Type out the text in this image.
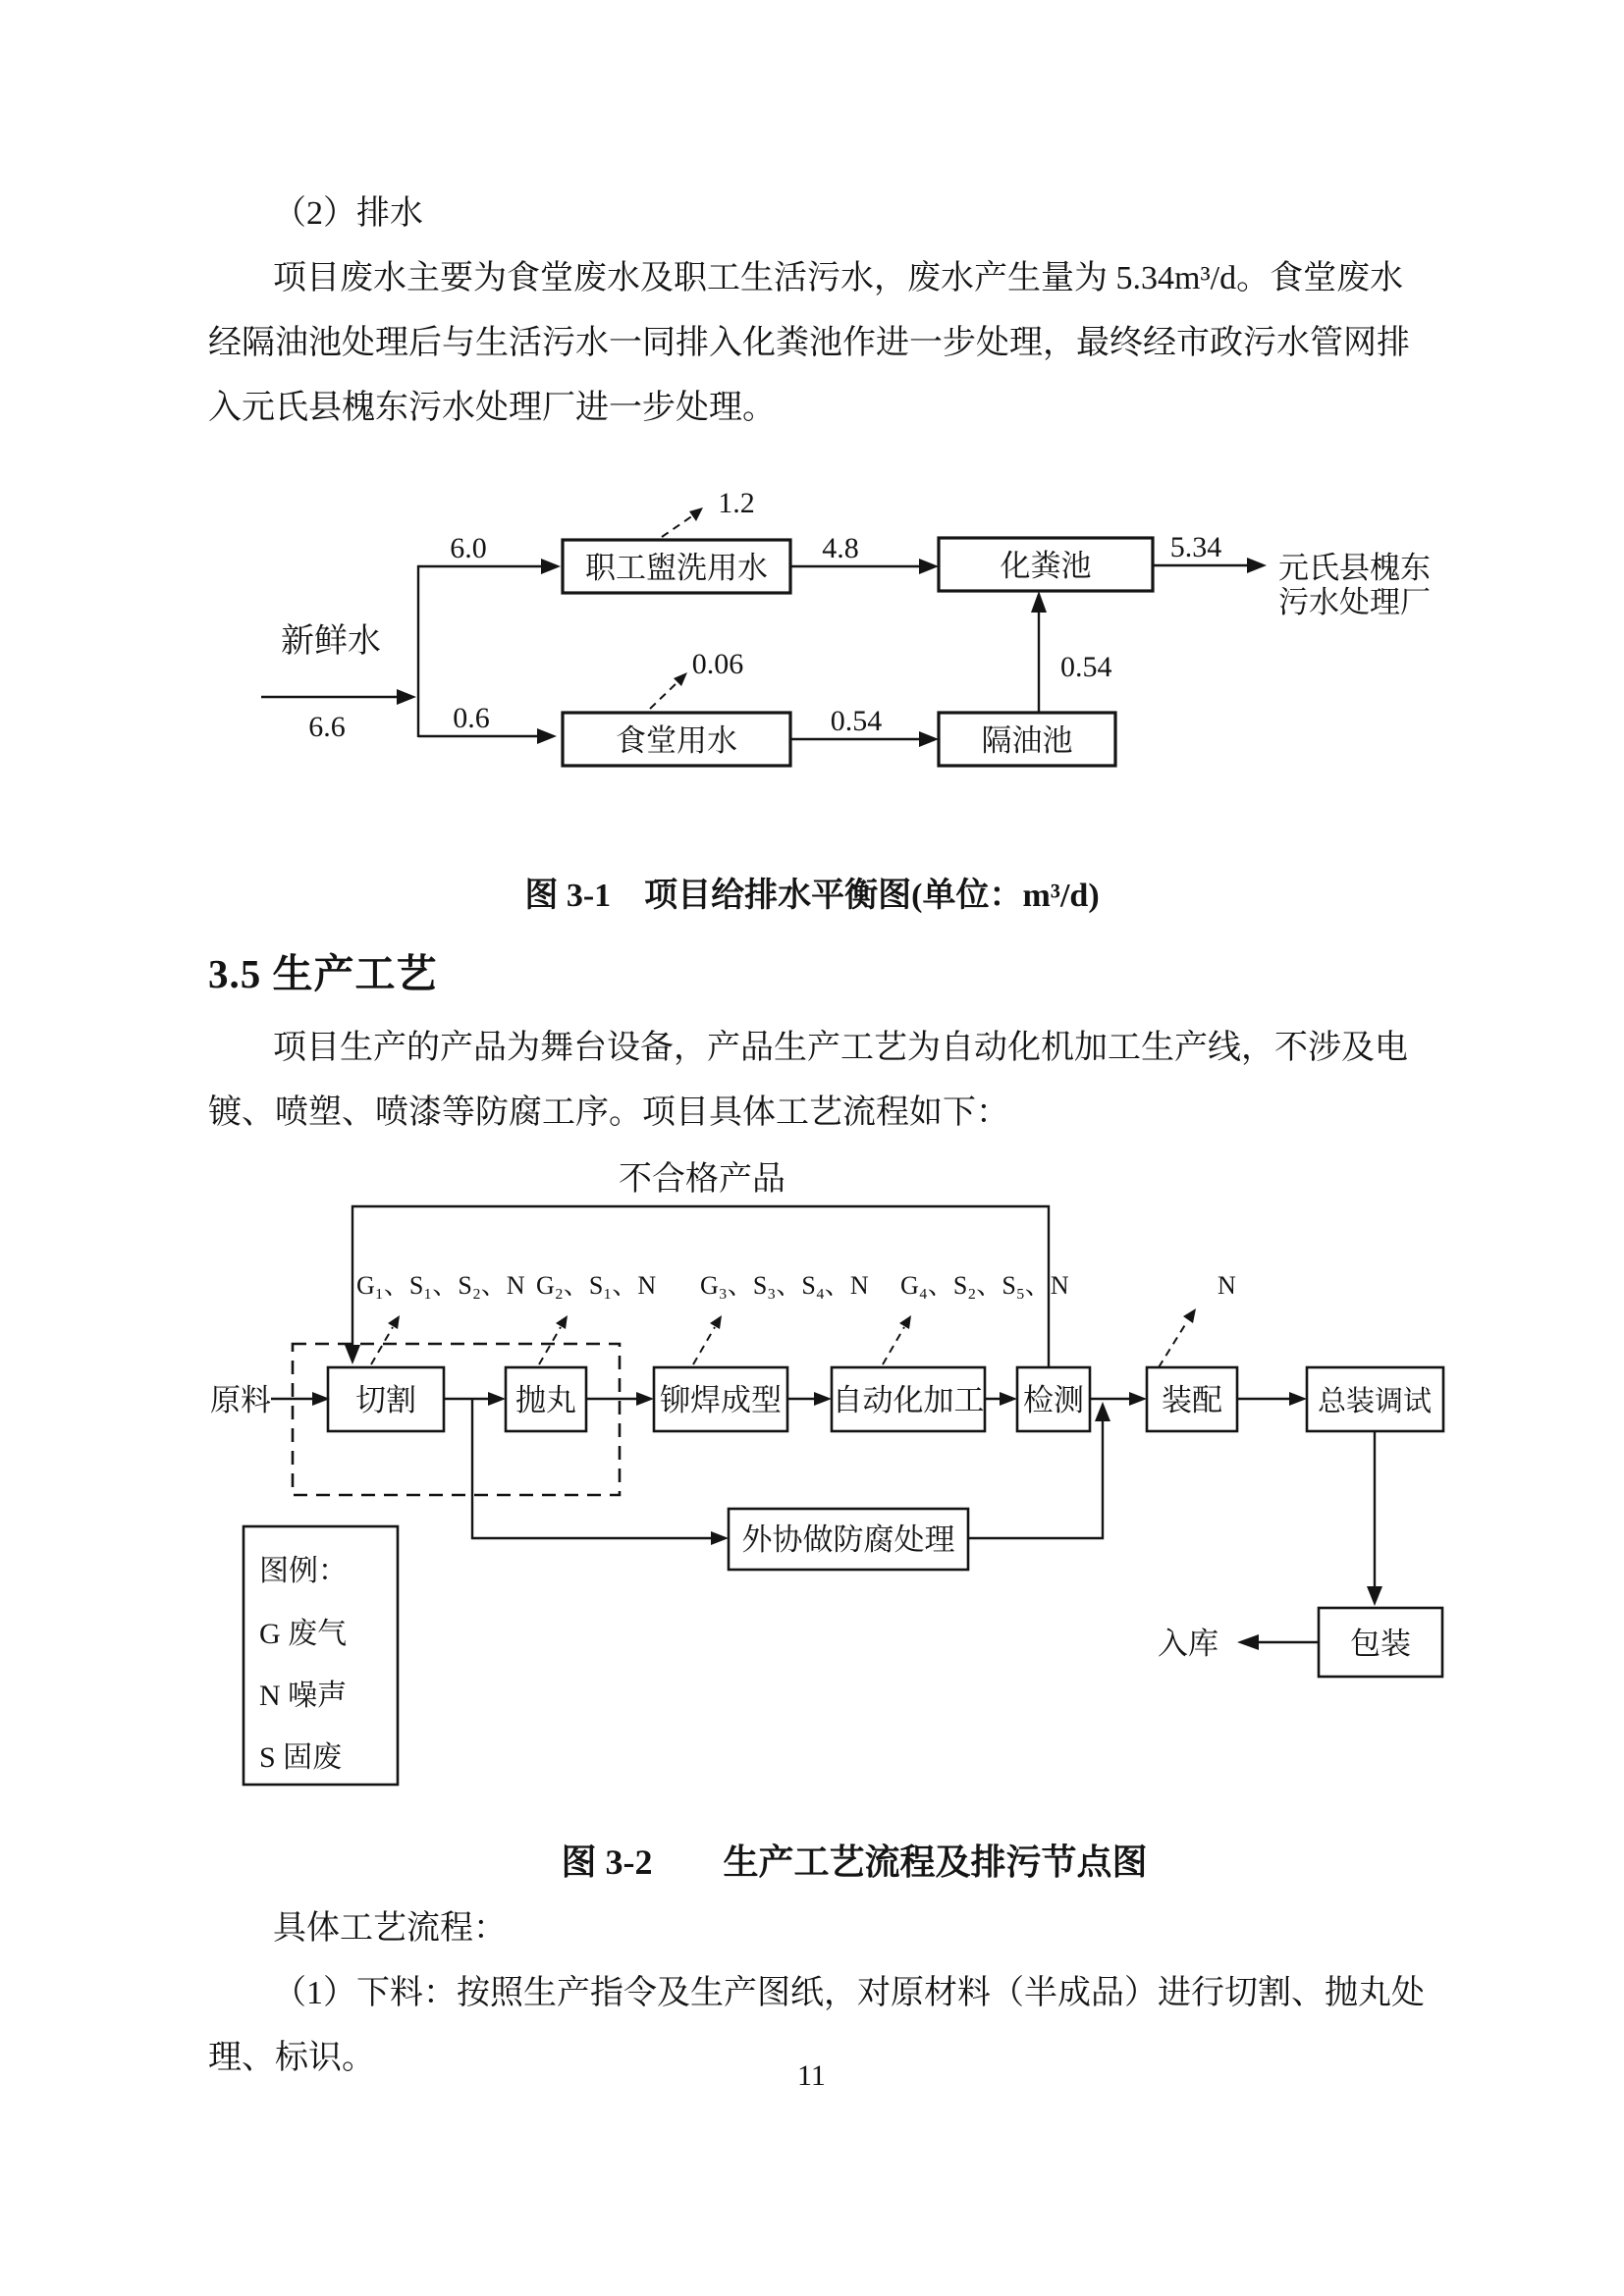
（2）排水
项目废水主要为食堂废水及职工生活污水，废水产生量为 5.34m³/d。食堂废水
经隔油池处理后与生活污水一同排入化粪池作进一步处理，最终经市政污水管网排
入元氏县槐东污水处理厂进一步处理。
新鲜水
6.6
6.0
职工盥洗用水
1.2
4.8
化粪池
5.34
元氏县槐东
污水处理厂
0.6
食堂用水
0.06
0.54
隔油池
0.54
图 3-1　项目给排水平衡图(单位：m³/d)
3.5 生产工艺
项目生产的产品为舞台设备，产品生产工艺为自动化机加工生产线，不涉及电
镀、喷塑、喷漆等防腐工序。项目具体工艺流程如下：
不合格产品
G₁、S₁、S₂、N G₂、S₁、N G₃、S₃、S₄、N G₄、S₂、S₅、N	N
原料	切割	抛丸	铆焊成型 自动化加工 检测	装配	总装调试
外协做防腐处理
包装
入库
图例：
G 废气
N 噪声
S 固废
图 3-2　　生产工艺流程及排污节点图
具体工艺流程：
（1）下料：按照生产指令及生产图纸，对原材料（半成品）进行切割、抛丸处
理、标识。	11
